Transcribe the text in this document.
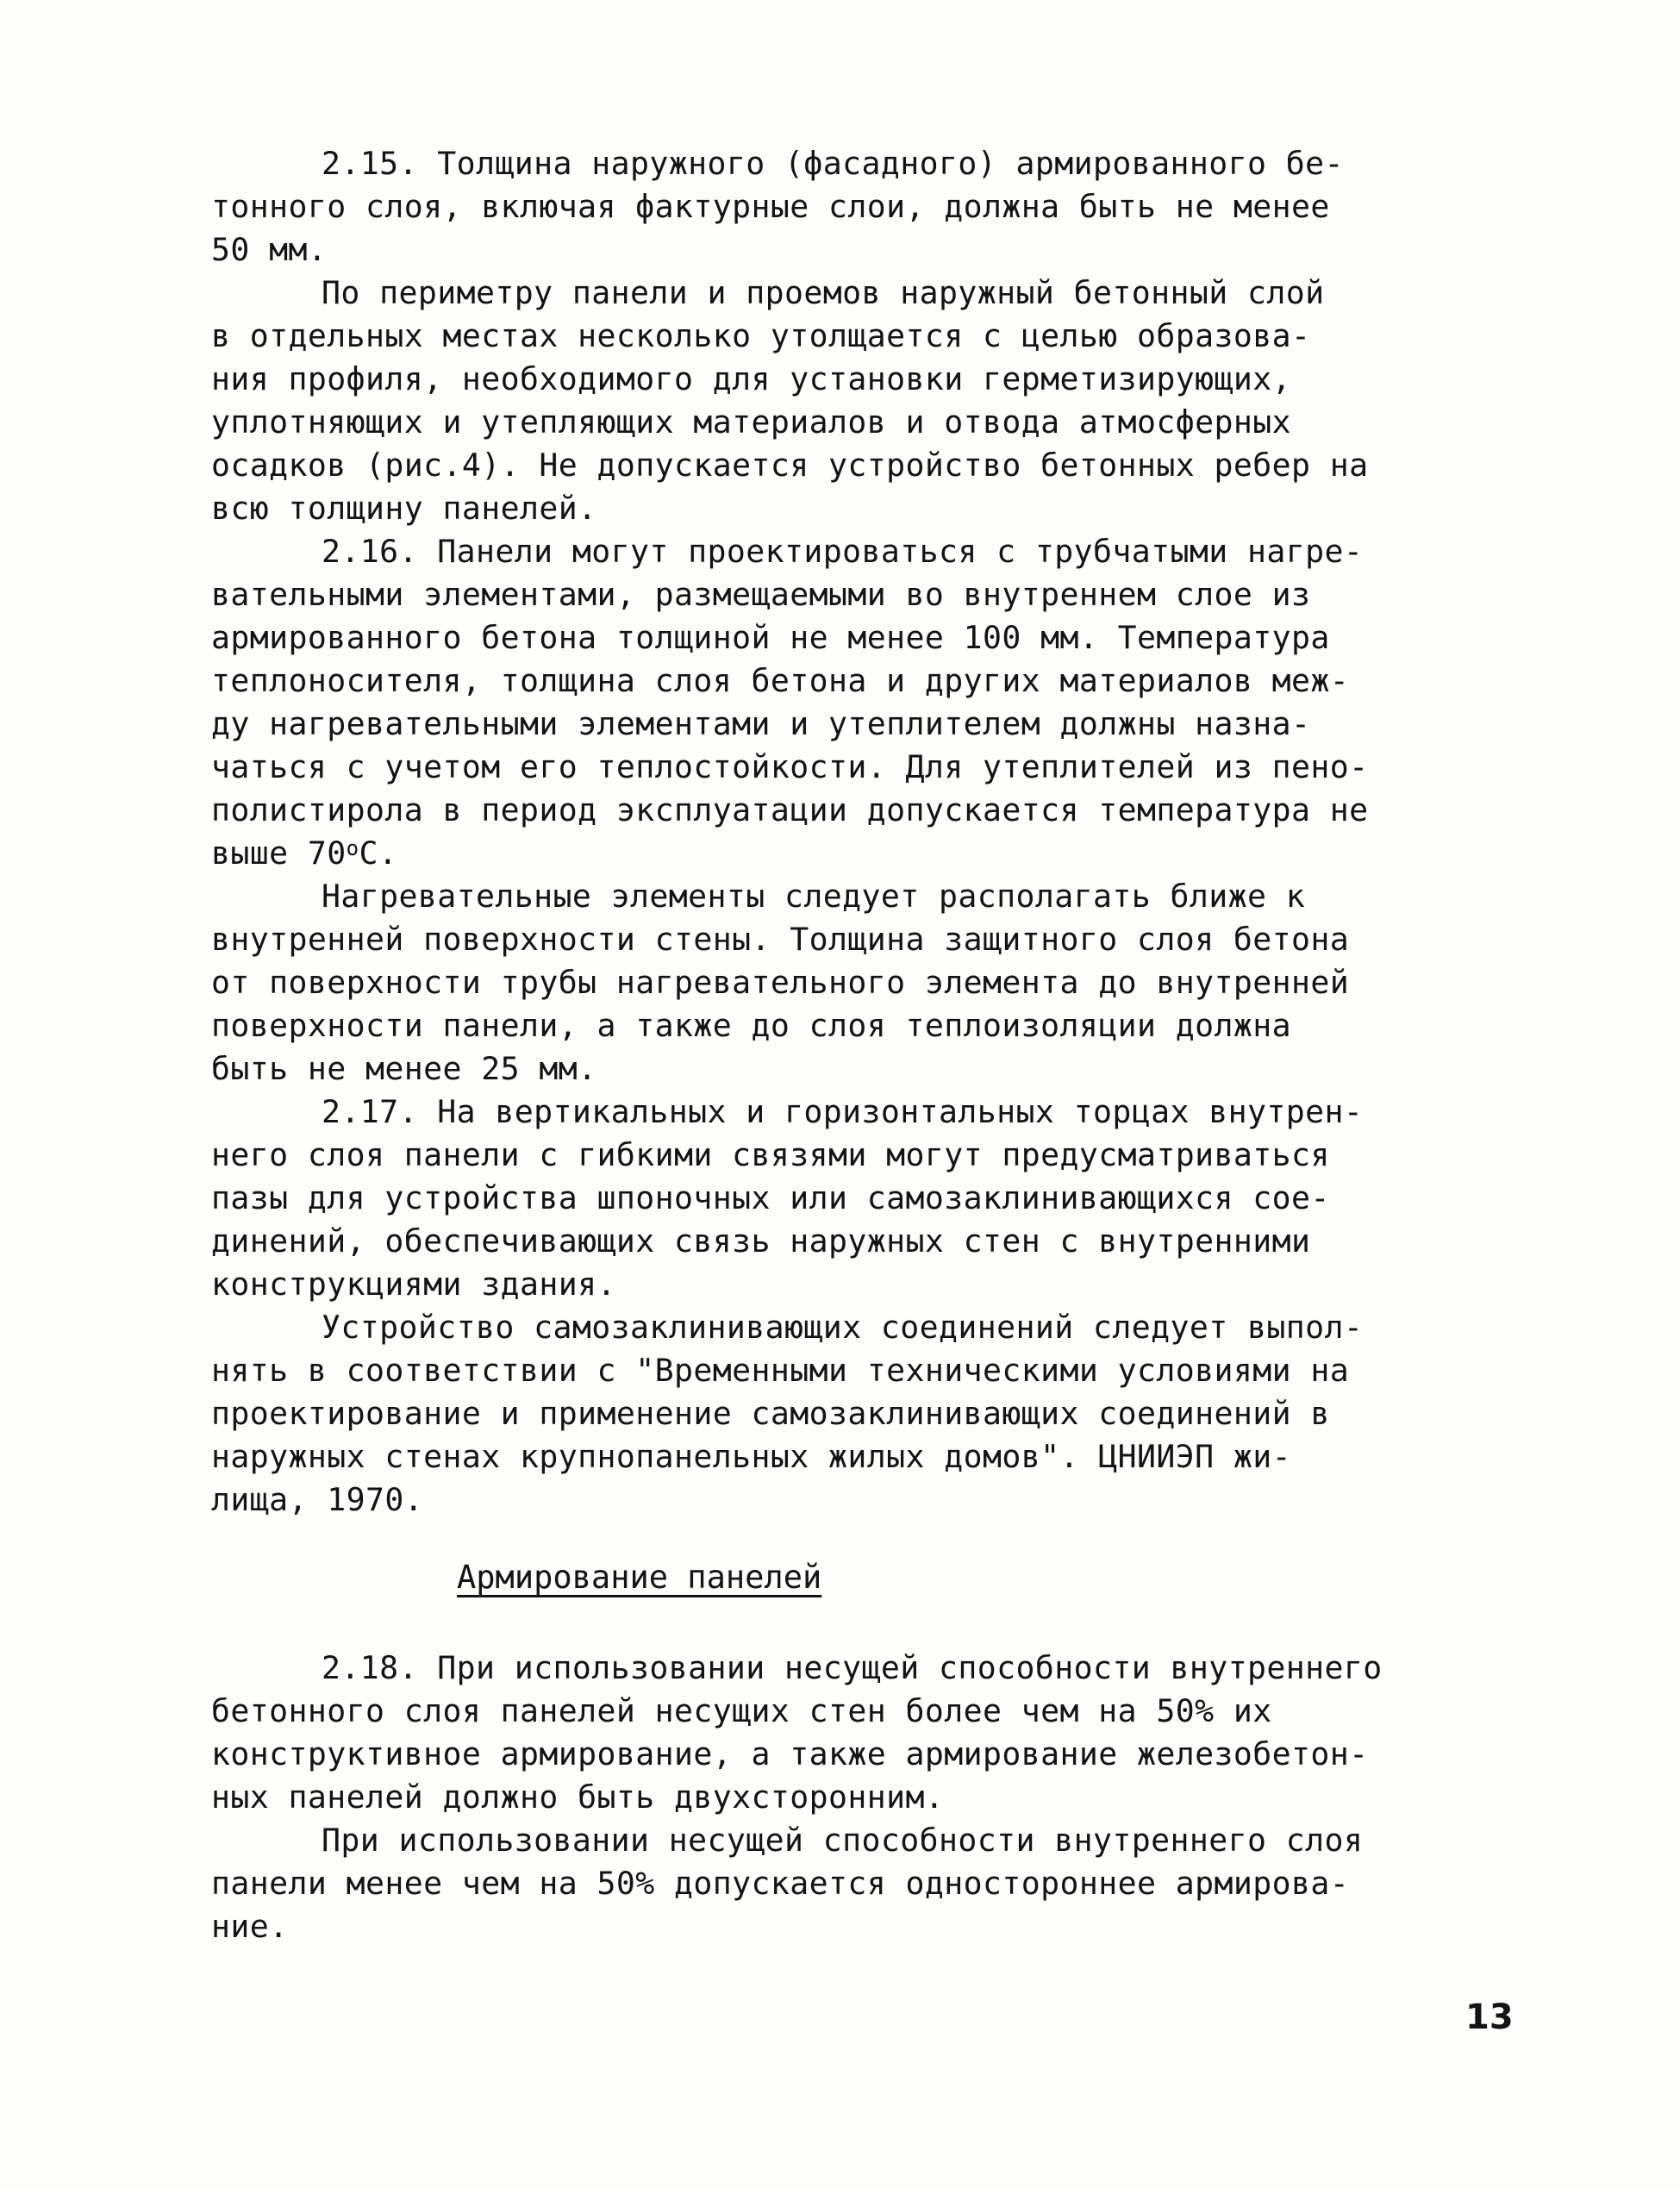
2.15. Толщина наружного (фасадного) армированного бе-
тонного слоя, включая фактурные слои, должна быть не менее
50 мм.
По периметру панели и проемов наружный бетонный слой
в отдельных местах несколько утолщается с целью образова-
ния профиля, необходимого для установки герметизирующих,
уплотняющих и утепляющих материалов и отвода атмосферных
осадков (рис.4). Не допускается устройство бетонных ребер на
всю толщину панелей.
2.16. Панели могут проектироваться с трубчатыми нагре-
вательными элементами, размещаемыми во внутреннем слое из
армированного бетона толщиной не менее 100 мм. Температура
теплоносителя, толщина слоя бетона и других материалов меж-
ду нагревательными элементами и утеплителем должны назна-
чаться с учетом его теплостойкости. Для утеплителей из пено-
полистирола в период эксплуатации допускается температура не
выше $70^оС$.
Нагревательные элементы следует располагать ближе к
внутренней поверхности стены. Толщина защитного слоя бетона
от поверхности трубы нагревательного элемента до внутренней
поверхности панели, а также до слоя теплоизоляции должна
быть не менее 25 мм.
2.17. На вертикальных и горизонтальных торцах внутрен-
него слоя панели с гибкими связями могут предусматриваться
пазы для устройства шпоночных или самозаклинивающихся сое-
динений, обеспечивающих связь наружных стен с внутренними
конструкциями здания.
Устройство самозаклинивающих соединений следует выпол-
нять в соответствии с "Временными техническими условиями на
проектирование и применение самозаклинивающих соединений в
наружных стенах крупнопанельных жилых домов". ЦНИИЭП жи-
лища, 1970.
2.18. При использовании несущей способности внутреннего
бетонного слоя панелей несущих стен более чем на 50% их
конструктивное армирование, а также армирование железобетон-
ных панелей должно быть двухсторонним.
При использовании несущей способности внутреннего слоя
панели менее чем на 50% допускается одностороннее армирова-
ние.
Армирование панелей
13
